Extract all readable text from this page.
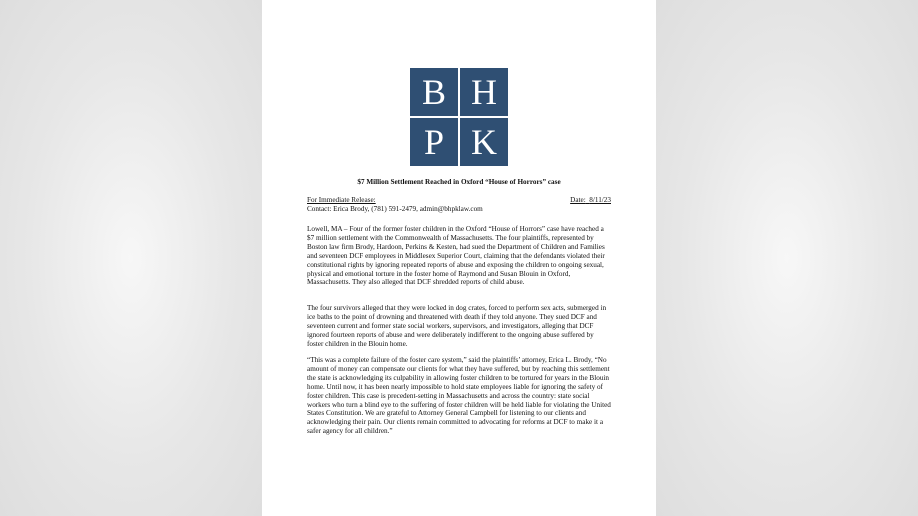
B H
P K
$7 Million Settlement Reached in Oxford “House of Horrors” case
For Immediate Release:	Date: 8/11/23
Contact: Erica Brody, (781) 591-2479, admin@bhpklaw.com

Lowell, MA – Four of the former foster children in the Oxford “House of Horrors” case have reached a $7 million settlement with the Commonwealth of Massachusetts. The four plaintiffs, represented by Boston law firm Brody, Hardoon, Perkins & Kesten, had sued the Department of Children and Families and seventeen DCF employees in Middlesex Superior Court, claiming that the defendants violated their constitutional rights by ignoring repeated reports of abuse and exposing the children to ongoing sexual, physical and emotional torture in the foster home of Raymond and Susan Blouin in Oxford, Massachusetts. They also alleged that DCF shredded reports of child abuse.

The four survivors alleged that they were locked in dog crates, forced to perform sex acts, submerged in ice baths to the point of drowning and threatened with death if they told anyone. They sued DCF and seventeen current and former state social workers, supervisors, and investigators, alleging that DCF ignored fourteen reports of abuse and were deliberately indifferent to the ongoing abuse suffered by foster children in the Blouin home.

“This was a complete failure of the foster care system,” said the plaintiffs’ attorney, Erica L. Brody, “No amount of money can compensate our clients for what they have suffered, but by reaching this settlement the state is acknowledging its culpability in allowing foster children to be tortured for years in the Blouin home. Until now, it has been nearly impossible to hold state employees liable for ignoring the safety of foster children. This case is precedent-setting in Massachusetts and across the country: state social workers who turn a blind eye to the suffering of foster children will be held liable for violating the United States Constitution. We are grateful to Attorney General Campbell for listening to our clients and acknowledging their pain. Our clients remain committed to advocating for reforms at DCF to make it a safer agency for all children.”
